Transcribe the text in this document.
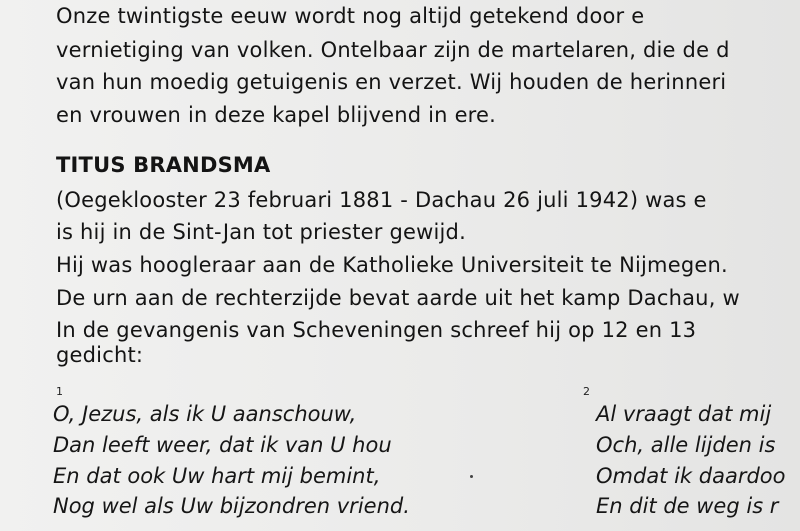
Onze twintigste eeuw wordt nog altijd getekend door e
vernietiging van volken. Ontelbaar zijn de martelaren, die de d
van hun moedig getuigenis en verzet. Wij houden de herinneri
en vrouwen in deze kapel blijvend in ere.
TITUS BRANDSMA
(Oegeklooster 23 februari 1881 - Dachau 26 juli 1942) was e
is hij in de Sint-Jan tot priester gewijd.
Hij was hoogleraar aan de Katholieke Universiteit te Nijmegen.
De urn aan de rechterzijde bevat aarde uit het kamp Dachau, w
In de gevangenis van Scheveningen schreef hij op 12 en 13
gedicht:
1
O, Jezus, als ik U aanschouw,
Dan leeft weer, dat ik van U hou
En dat ook Uw hart mij bemint,
Nog wel als Uw bijzondren vriend.
2
Al vraagt dat mij
Och, alle lijden is
Omdat ik daardoo
En dit de weg is r
